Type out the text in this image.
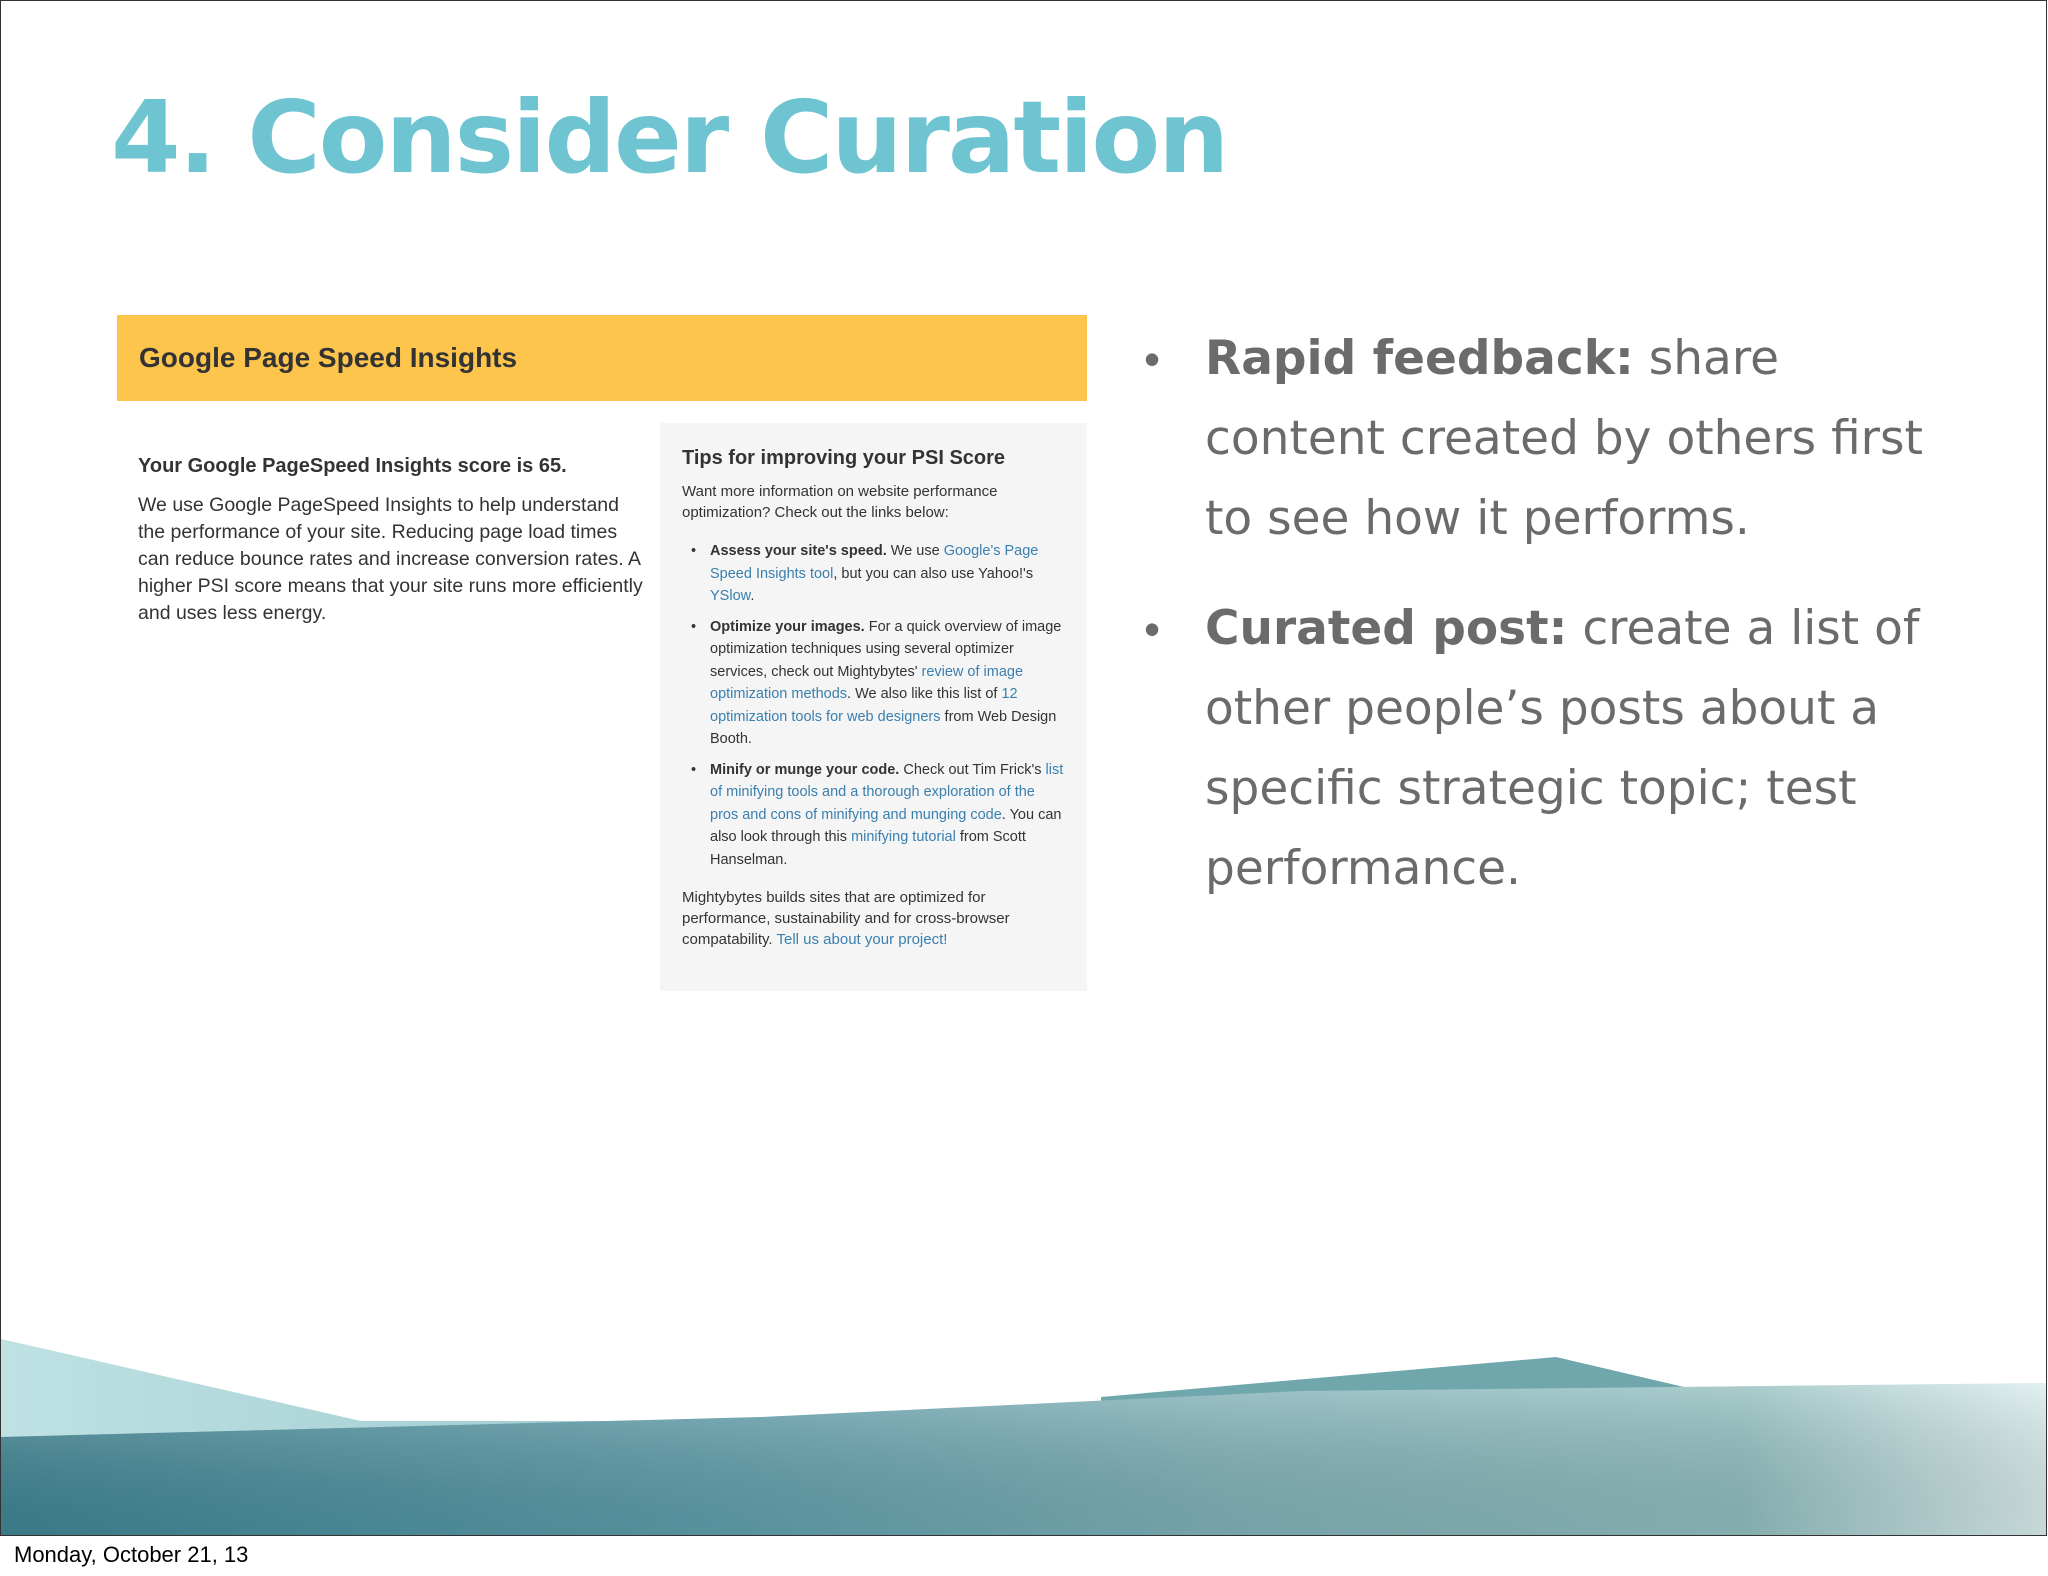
4. Consider Curation
Google Page Speed Insights

Your Google PageSpeed Insights score is 65.

We use Google PageSpeed Insights to help understand the performance of your site. Reducing page load times can reduce bounce rates and increase conversion rates. A higher PSI score means that your site runs more efficiently and uses less energy.

Tips for improving your PSI Score

Want more information on website performance optimization? Check out the links below:

• Assess your site's speed. We use Google's Page Speed Insights tool, but you can also use Yahoo!'s YSlow.
• Optimize your images. For a quick overview of image optimization techniques using several optimizer services, check out Mightybytes' review of image optimization methods. We also like this list of 12 optimization tools for web designers from Web Design Booth.
• Minify or munge your code. Check out Tim Frick's list of minifying tools and a thorough exploration of the pros and cons of minifying and munging code. You can also look through this minifying tutorial from Scott Hanselman.

Mightybytes builds sites that are optimized for performance, sustainability and for cross-browser compatability. Tell us about your project!

• Rapid feedback: share content created by others first to see how it performs.
• Curated post: create a list of other people’s posts about a specific strategic topic; test performance.
Monday, October 21, 13
